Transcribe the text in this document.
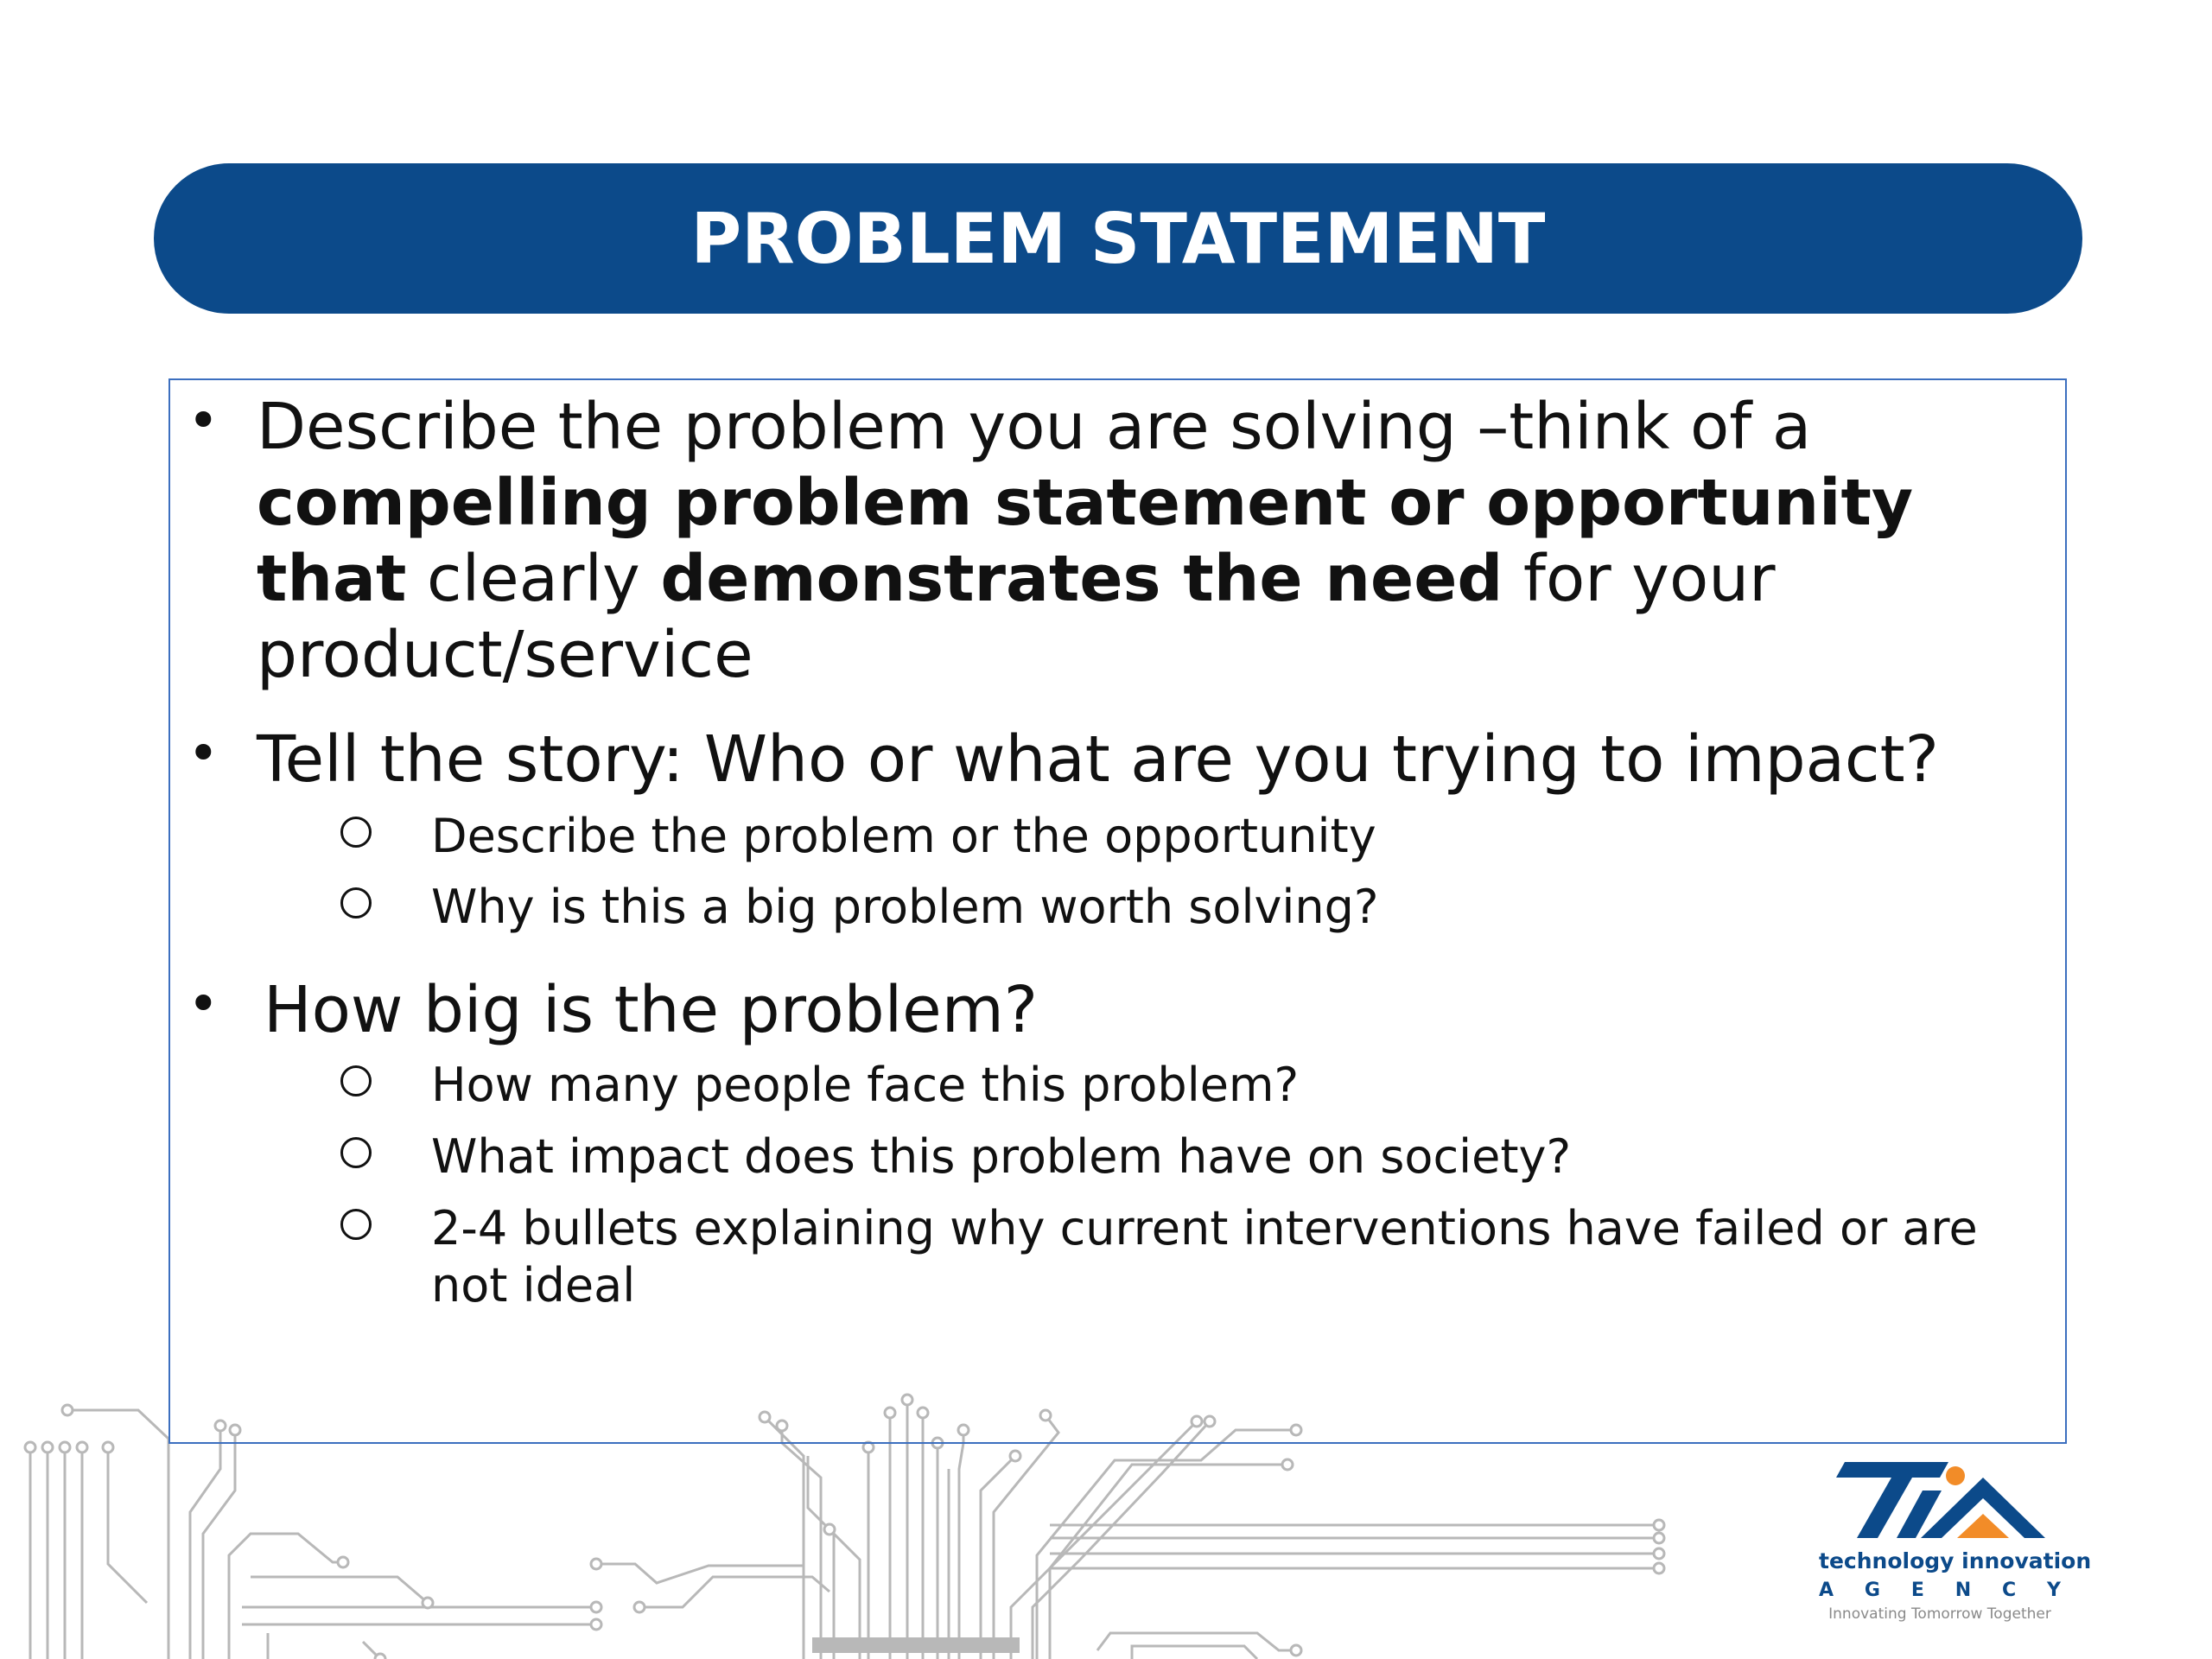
PROBLEM STATEMENT
• Describe the problem you are solving –think of a compelling problem statement or opportunity that clearly demonstrates the need for your product/service
• Tell the story: Who or what are you trying to impact?
Describe the problem or the opportunity
Why is this a big problem worth solving?
• How big is the problem?
How many people face this problem?
What impact does this problem have on society?
2-4 bullets explaining why current interventions have failed or are not ideal
technology innovation
A G E N C Y
Innovating Tomorrow Together
